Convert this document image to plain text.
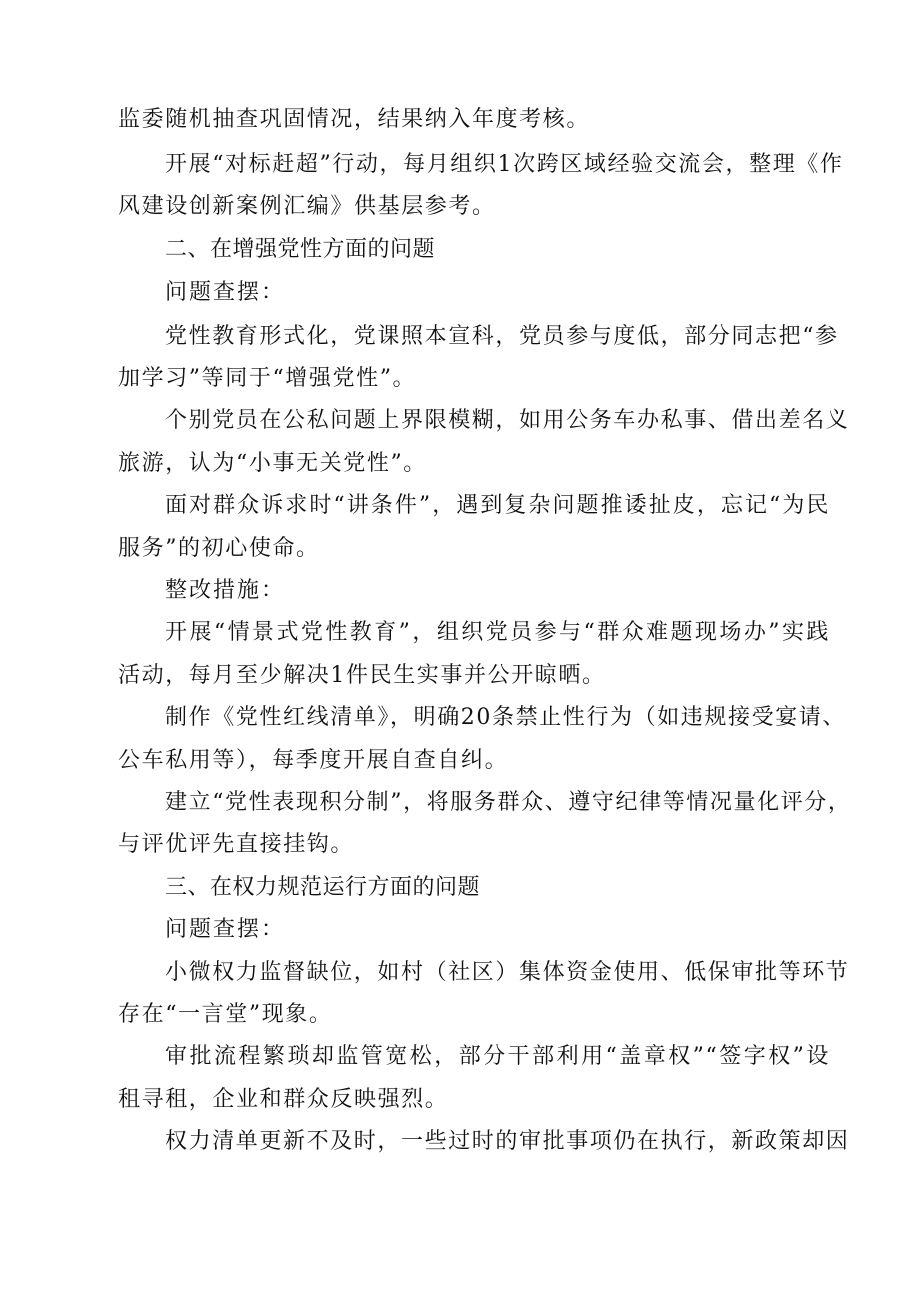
监委随机抽查巩固情况，结果纳入年度考核。
开展“对标赶超”行动，每月组织1次跨区域经验交流会，整理《作
风建设创新案例汇编》供基层参考。
二、在增强党性方面的问题
问题查摆：
党性教育形式化，党课照本宣科，党员参与度低，部分同志把“参
加学习”等同于“增强党性”。
个别党员在公私问题上界限模糊，如用公务车办私事、借出差名义
旅游，认为“小事无关党性”。
面对群众诉求时“讲条件”，遇到复杂问题推诿扯皮，忘记“为民
服务”的初心使命。
整改措施：
开展“情景式党性教育”，组织党员参与“群众难题现场办”实践
活动，每月至少解决1件民生实事并公开晾晒。
制作《党性红线清单》，明确20条禁止性行为（如违规接受宴请、
公车私用等），每季度开展自查自纠。
建立“党性表现积分制”，将服务群众、遵守纪律等情况量化评分，
与评优评先直接挂钩。
三、在权力规范运行方面的问题
问题查摆：
小微权力监督缺位，如村（社区）集体资金使用、低保审批等环节
存在“一言堂”现象。
审批流程繁琐却监管宽松，部分干部利用“盖章权”“签字权”设
租寻租，企业和群众反映强烈。
权力清单更新不及时，一些过时的审批事项仍在执行，新政策却因
